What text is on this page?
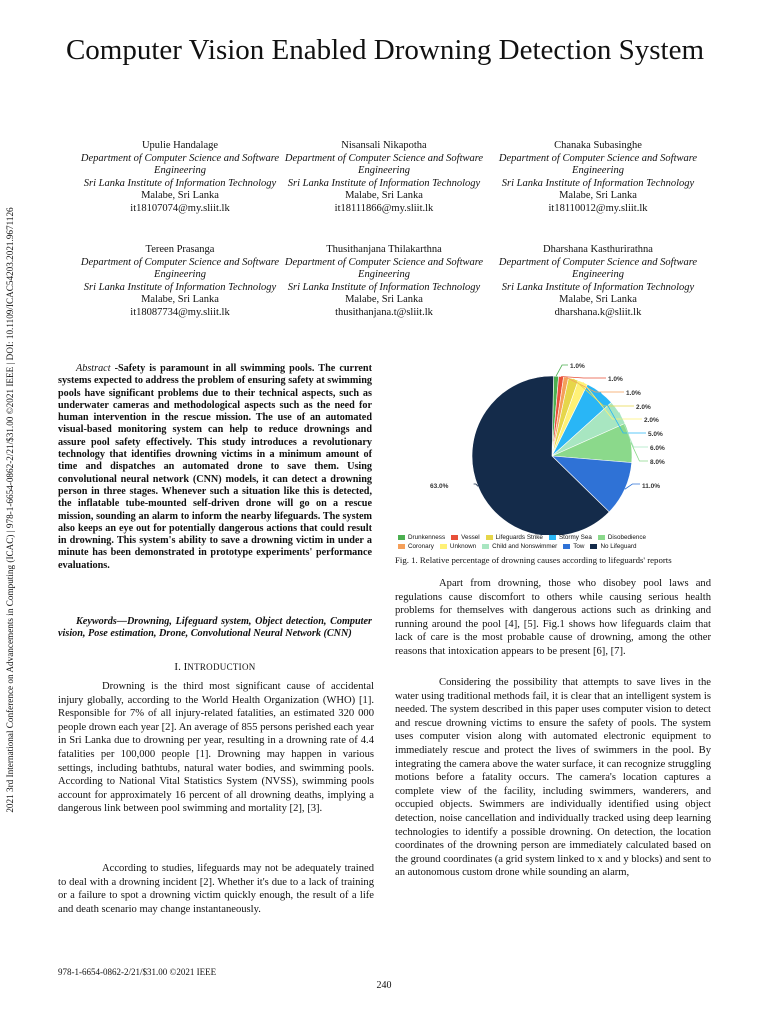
2021 3rd International Conference on Advancements in Computing (ICAC) | 978-1-6654-0862-2/21/$31.00 ©2021 IEEE | DOI: 10.1109/ICAC54203.2021.9671126
Computer Vision Enabled Drowning Detection System
Upulie Handalage
Department of Computer Science and Software Engineering
Sri Lanka Institute of Information Technology
Malabe, Sri Lanka
it18107074@my.sliit.lk
Nisansali Nikapotha
Department of Computer Science and Software Engineering
Sri Lanka Institute of Information Technology
Malabe, Sri Lanka
it18111866@my.sliit.lk
Chanaka Subasinghe
Department of Computer Science and Software Engineering
Sri Lanka Institute of Information Technology
Malabe, Sri Lanka
it18110012@my.sliit.lk
Tereen Prasanga
Department of Computer Science and Software Engineering
Sri Lanka Institute of Information Technology
Malabe, Sri Lanka
it18087734@my.sliit.lk
Thusithanjana Thilakarthna
Department of Computer Science and Software Engineering
Sri Lanka Institute of Information Technology
Malabe, Sri Lanka
thusithanjana.t@sliit.lk
Dharshana Kasthurirathna
Department of Computer Science and Software Engineering
Sri Lanka Institute of Information Technology
Malabe, Sri Lanka
dharshana.k@sliit.lk
Abstract -Safety is paramount in all swimming pools. The current systems expected to address the problem of ensuring safety at swimming pools have significant problems due to their technical aspects, such as underwater cameras and methodological aspects such as the need for human intervention in the rescue mission. The use of an automated visual-based monitoring system can help to reduce drownings and assure pool safety effectively. This study introduces a revolutionary technology that identifies drowning victims in a minimum amount of time and dispatches an automated drone to save them. Using convolutional neural network (CNN) models, it can detect a drowning person in three stages. Whenever such a situation like this is detected, the inflatable tube-mounted self-driven drone will go on a rescue mission, sounding an alarm to inform the nearby lifeguards. The system also keeps an eye out for potentially dangerous actions that could result in drowning. This system's ability to save a drowning victim in under a minute has been demonstrated in prototype experiments' performance evaluations.
Keywords—Drowning, Lifeguard system, Object detection, Computer vision, Pose estimation, Drone, Convolutional Neural Network (CNN)
I. INTRODUCTION
Drowning is the third most significant cause of accidental injury globally, according to the World Health Organization (WHO) [1]. Responsible for 7% of all injury-related fatalities, an estimated 320 000 people drown each year [2]. An average of 855 persons perished each year in Sri Lanka due to drowning per year, resulting in a drowning rate of 4.4 fatalities per 100,000 people [1]. Drowning may happen in various settings, including bathtubs, natural water bodies, and swimming pools. According to National Vital Statistics System (NVSS), swimming pools account for approximately 16 percent of all drowning deaths, implying a dangerous link between pool swimming and mortality [2], [3].
According to studies, lifeguards may not be adequately trained to deal with a drowning incident [2]. Whether it's due to a lack of training or a failure to spot a drowning victim quickly enough, the result of a life and death scenario may change instantaneously.
1.0%
1.0%
1.0%
2.0%
2.0%
5.0%
6.0%
8.0%
11.0%
63.0%
Drunkenness	Vessel	Lifeguards Strike	Stormy Sea	Disobedience
Coronary	Unknown	Child and Nonswimmer	Tow	No Lifeguard
Fig. 1. Relative percentage of drowning causes according to lifeguards' reports
Apart from drowning, those who disobey pool laws and regulations cause discomfort to others while causing serious health problems for themselves with dangerous actions such as drinking and running around the pool [4], [5]. Fig.1 shows how lifeguards claim that lack of care is the most probable cause of drowning, among the other reasons that intoxication appears to be present [6], [7].
Considering the possibility that attempts to save lives in the water using traditional methods fail, it is clear that an intelligent system is needed. The system described in this paper uses computer vision to detect and rescue drowning victims to ensure the safety of pools. The system uses computer vision along with automated electronic equipment to immediately rescue and protect the lives of swimmers in the pool. By integrating the camera above the water surface, it can recognize struggling motions before a fatality occurs. The camera's location captures a complete view of the facility, including swimmers, wanderers, and occupied objects. Swimmers are individually identified using object detection, noise cancellation and individually tracked using deep learning technologies to identify a possible drowning. On detection, the location coordinates of the drowning person are immediately calculated based on the ground coordinates (a grid system linked to x and y blocks) and sent to an autonomous custom drone while sounding an alarm,
978-1-6654-0862-2/21/$31.00 ©2021 IEEE
240
